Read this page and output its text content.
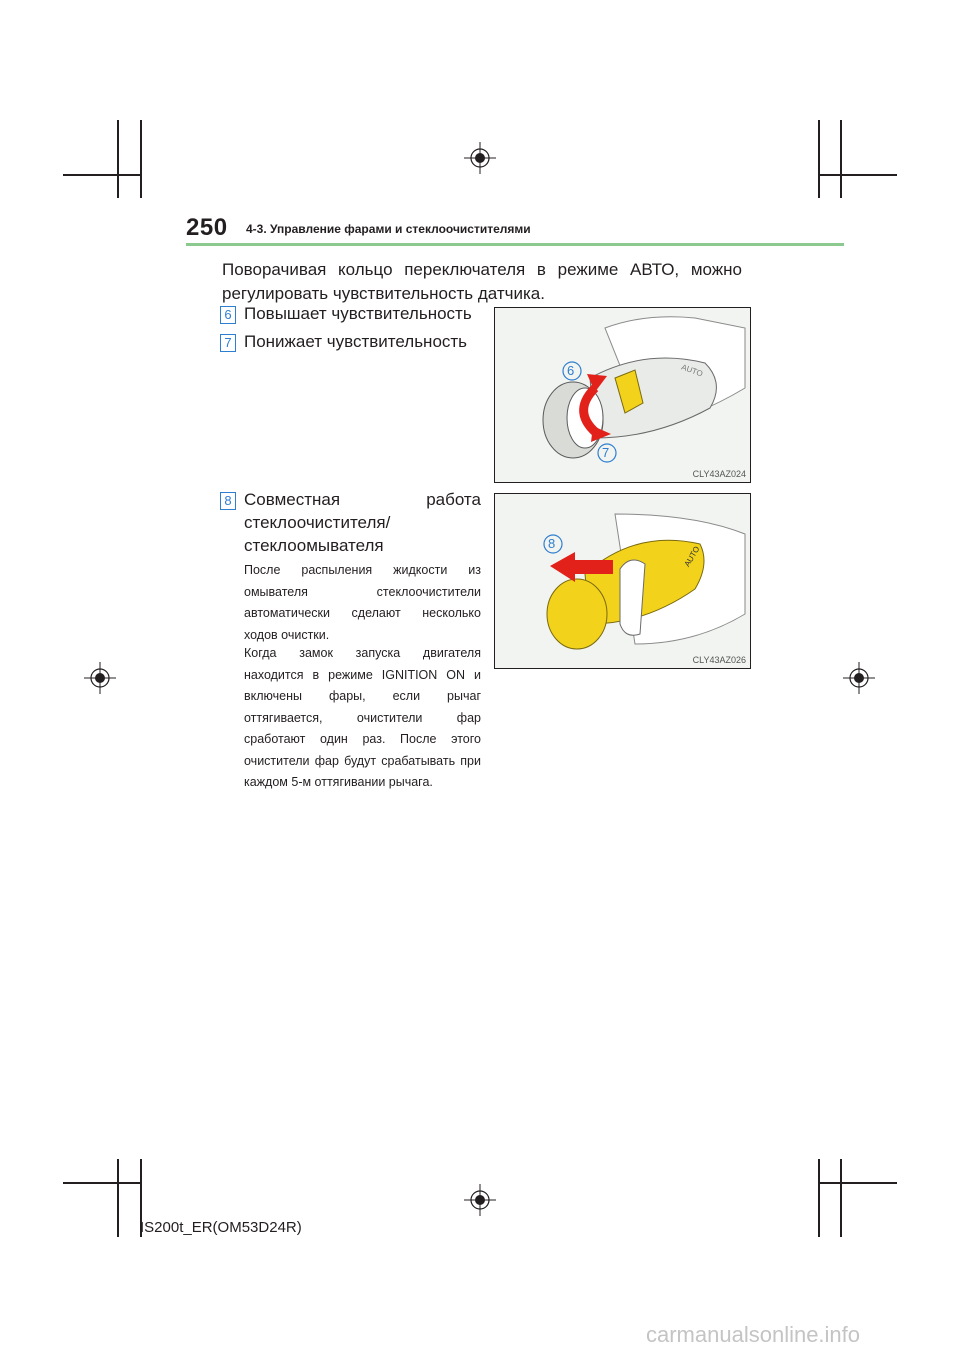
250 4-3. Управление фарами и стеклоочистителями
Поворачивая кольцо переключателя в режиме АВТО, можно регулировать чувствительность датчика.
6 Повышает чувствительность
7 Понижает чувствительность
8 Совместная работа стеклоочистителя/ стеклоомывателя
После распыления жидкости из омывателя стеклоочистители автоматически сделают несколько ходов очистки.
Когда замок запуска двигателя находится в режиме IGNITION ON и включены фары, если рычаг оттягивается, очистители фар сработают один раз. После этого очистители фар будут срабатывать при каждом 5-м оттягивании рычага.
6
7
AUTO
CLY43AZ024
8
AUTO
CLY43AZ026
IS200t_ER(OM53D24R)
carmanualsonline.info
